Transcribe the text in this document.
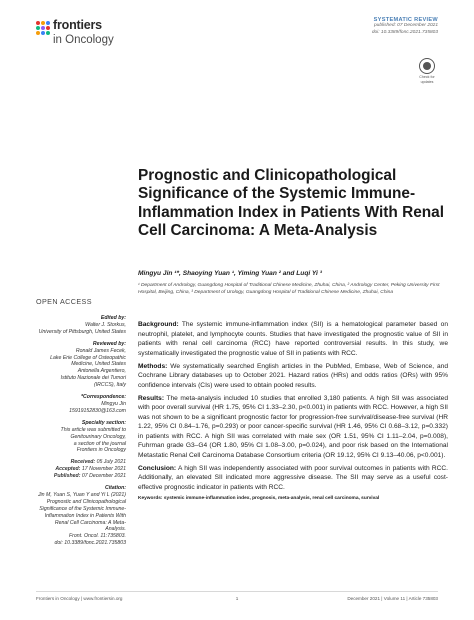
frontiers
in Oncology
SYSTEMATIC REVIEW
published: 07 December 2021
doi: 10.3389/fonc.2021.735803
Check for
updates
Prognostic and Clinicopathological Significance of the Systemic Immune-Inflammation Index in Patients With Renal Cell Carcinoma: A Meta-Analysis
Mingyu Jin ¹*, Shaoying Yuan ¹, Yiming Yuan ² and Luqi Yi ³
¹ Department of Andrology, Guangdong Hospital of Traditional Chinese Medicine, Zhuhai, China, ² Andrology Center, Peking University First Hospital, Beijing, China, ³ Department of Urology, Guangdong Hospital of Traditional Chinese Medicine, Zhuhai, China
OPEN ACCESS
Edited by:
Walter J. Storkus,
University of Pittsburgh, United States
Reviewed by:
Ronald James Fecek,
Lake Erie College of Osteopathic
Medicine, United States
Antonella Argentiero,
Istituto Nazionale dei Tumori
(IRCCS), Italy
*Correspondence:
Mingyu Jin
15919152830@163.com
Specialty section:
This article was submitted to
Genitourinary Oncology,
a section of the journal
Frontiers in Oncology
Received: 05 July 2021
Accepted: 17 November 2021
Published: 07 December 2021
Citation:
Jin M, Yuan S, Yuan Y and Yi L (2021)
Prognostic and Clinicopathological
Significance of the Systemic Immune-
Inflammation Index in Patients With
Renal Cell Carcinoma: A Meta-Analysis.
Front. Oncol. 11:735803.
doi: 10.3389/fonc.2021.735803

Background: The systemic immune-inflammation index (SII) is a hematological parameter based on neutrophil, platelet, and lymphocyte counts. Studies that have investigated the prognostic value of SII in patients with renal cell carcinoma (RCC) have reported controversial results. In this study, we systematically investigated the prognostic value of SII in patients with RCC.

Methods: We systematically searched English articles in the PubMed, Embase, Web of Science, and Cochrane Library databases up to October 2021. Hazard ratios (HRs) and odds ratios (ORs) with 95% confidence intervals (CIs) were used to obtain pooled results.

Results: The meta-analysis included 10 studies that enrolled 3,180 patients. A high SII was associated with poor overall survival (HR 1.75, 95% CI 1.33–2.30, p<0.001) in patients with RCC. However, a high SII was not shown to be a significant prognostic factor for progression-free survival/disease-free survival (HR 1.22, 95% CI 0.84–1.76, p=0.293) or poor cancer-specific survival (HR 1.46, 95% CI 0.68–3.12, p=0.332) in patients with RCC. A high SII was correlated with male sex (OR 1.51, 95% CI 1.11–2.04, p=0.008), Fuhrman grade G3–G4 (OR 1.80, 95% CI 1.08–3.00, p=0.024), and poor risk based on the International Metastatic Renal Cell Carcinoma Database Consortium criteria (OR 19.12, 95% CI 9.13–40.06, p<0.001).

Conclusion: A high SII was independently associated with poor survival outcomes in patients with RCC. Additionally, an elevated SII indicated more aggressive disease. The SII may serve as a useful cost-effective prognostic indicator in patients with RCC.

Keywords: systemic immune-inflammation index, prognosis, meta-analysis, renal cell carcinoma, survival
Frontiers in Oncology | www.frontiersin.org	1	December 2021 | Volume 11 | Article 735803
